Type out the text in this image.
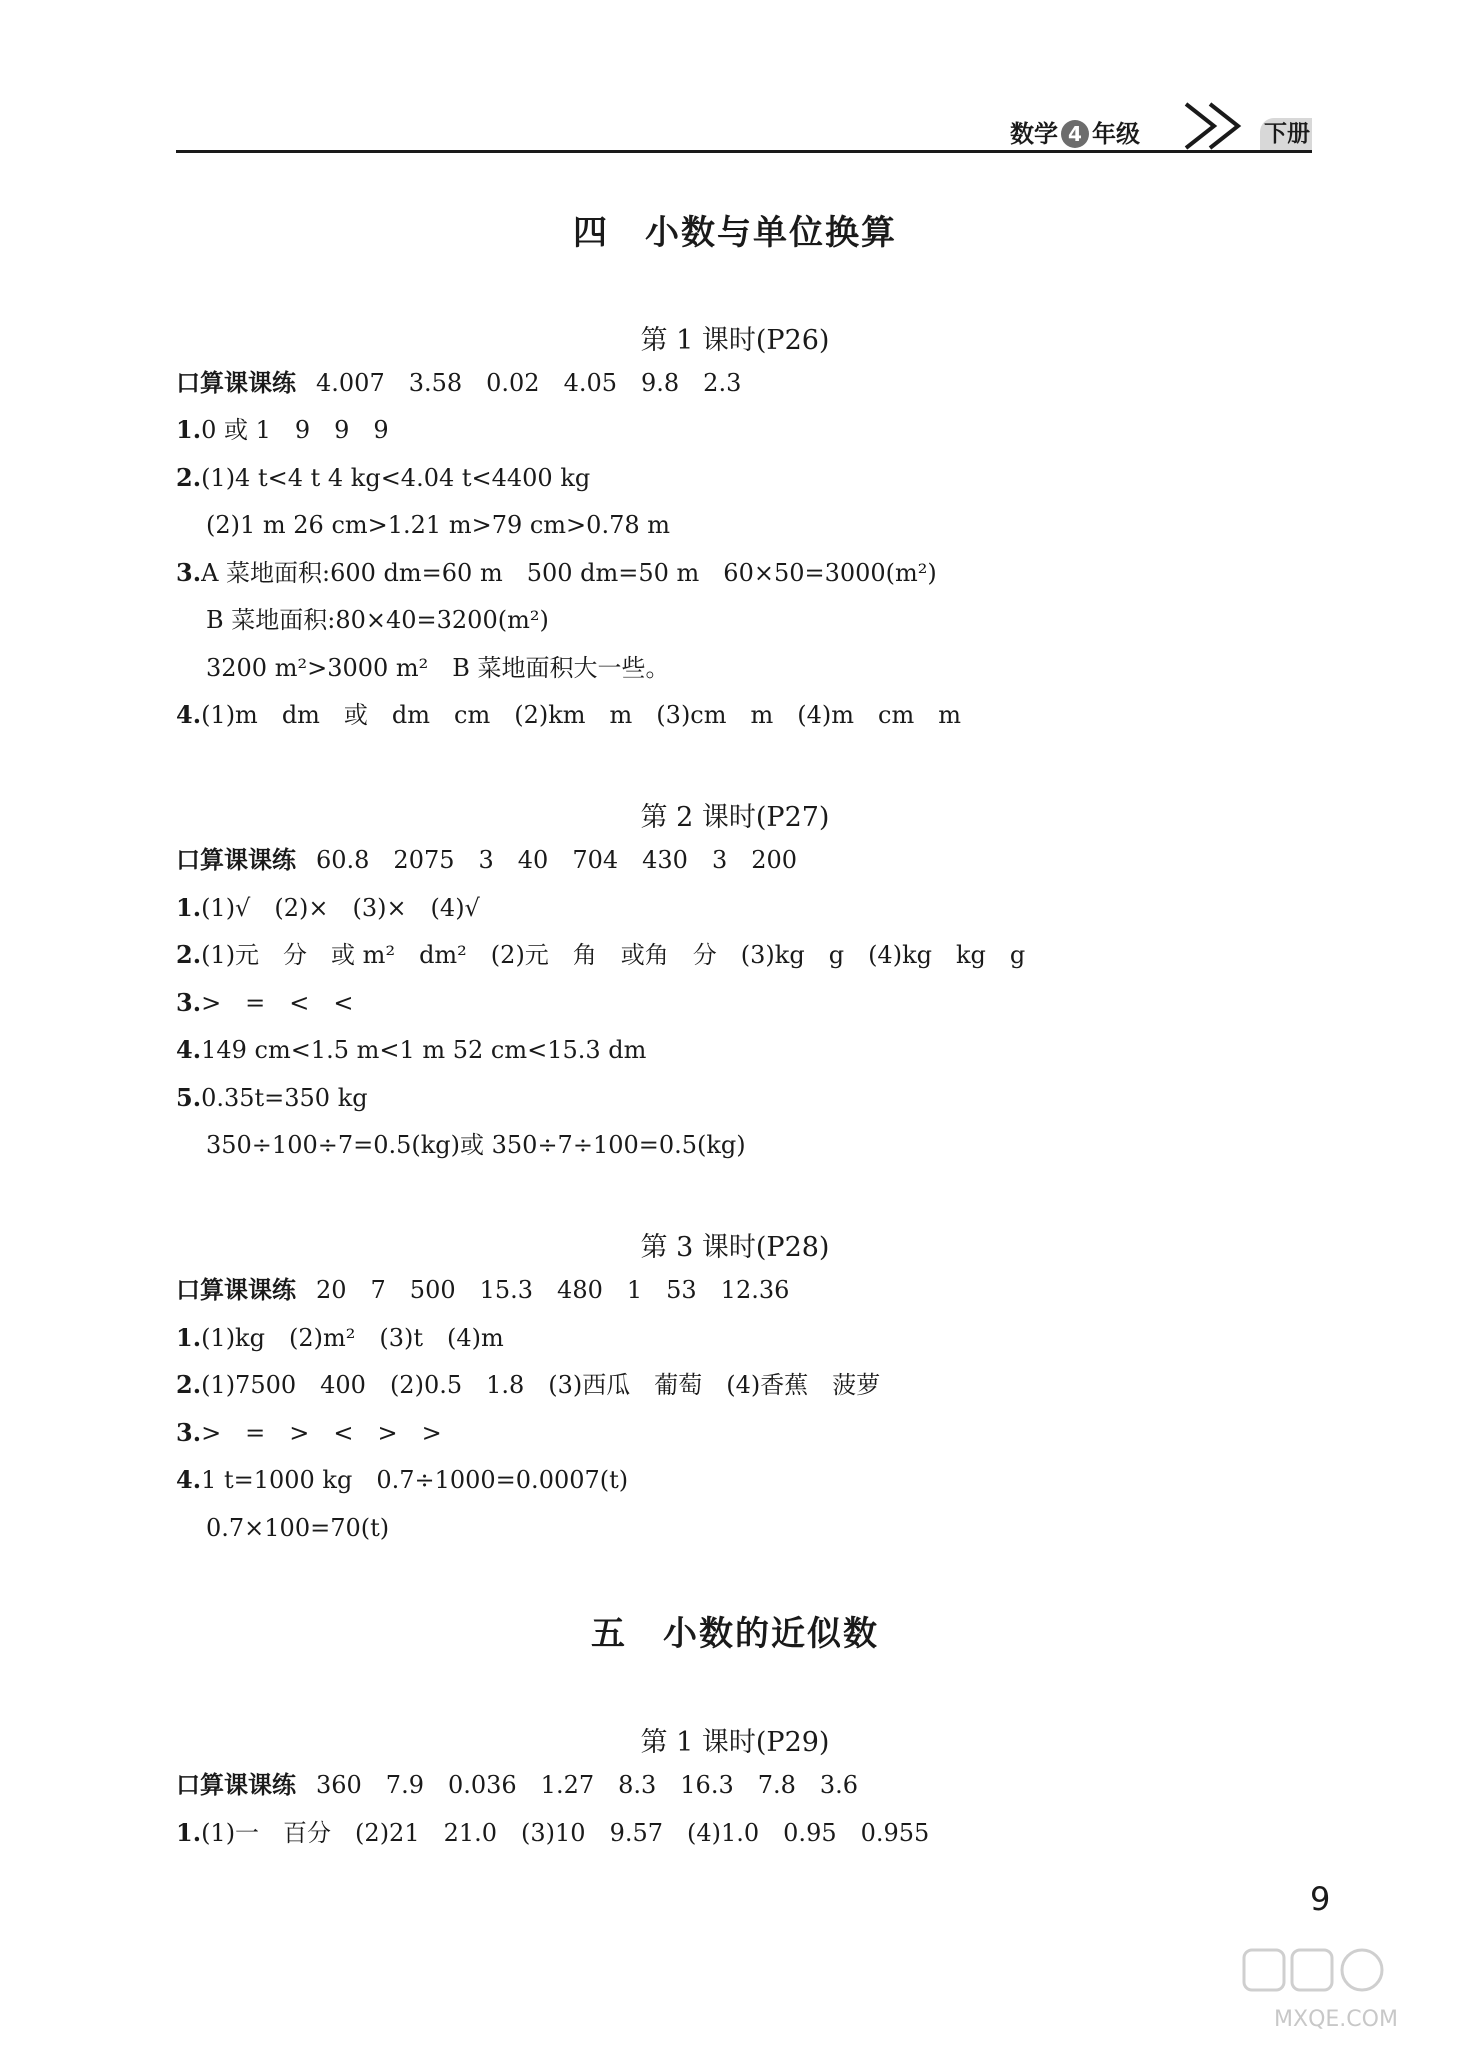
数学 4 年级	下册
四　小数与单位换算
第 1 课时(P26)
口算课课练 4.007　3.58　0.02　4.05　9.8　2.3
1.0 或 1　9　9　9
2.(1)4 t<4 t 4 kg<4.04 t<4400 kg
(2)1 m 26 cm>1.21 m>79 cm>0.78 m
3.A 菜地面积:600 dm=60 m　500 dm=50 m　60×50=3000(m²)
B 菜地面积:80×40=3200(m²)
3200 m²>3000 m²　B 菜地面积大一些。
4.(1)m　dm　或　dm　cm　(2)km　m　(3)cm　m　(4)m　cm　m
第 2 课时(P27)
口算课课练 60.8　2075　3　40　704　430　3　200
1.(1)√　(2)×　(3)×　(4)√
2.(1)元　分　或 m²　dm²　(2)元　角　或角　分　(3)kg　g　(4)kg　kg　g
3.>　=　<　<
4.149 cm<1.5 m<1 m 52 cm<15.3 dm
5.0.35t=350 kg
350÷100÷7=0.5(kg)或 350÷7÷100=0.5(kg)
第 3 课时(P28)
口算课课练 20　7　500　15.3　480　1　53　12.36
1.(1)kg　(2)m²　(3)t　(4)m
2.(1)7500　400　(2)0.5　1.8　(3)西瓜　葡萄　(4)香蕉　菠萝
3.>　=　>　<　>　>
4.1 t=1000 kg　0.7÷1000=0.0007(t)
0.7×100=70(t)
五　小数的近似数
第 1 课时(P29)
口算课课练 360　7.9　0.036　1.27　8.3　16.3　7.8　3.6
1.(1)一　百分　(2)21　21.0　(3)10　9.57　(4)1.0　0.95　0.955
9
MXQE.COM
